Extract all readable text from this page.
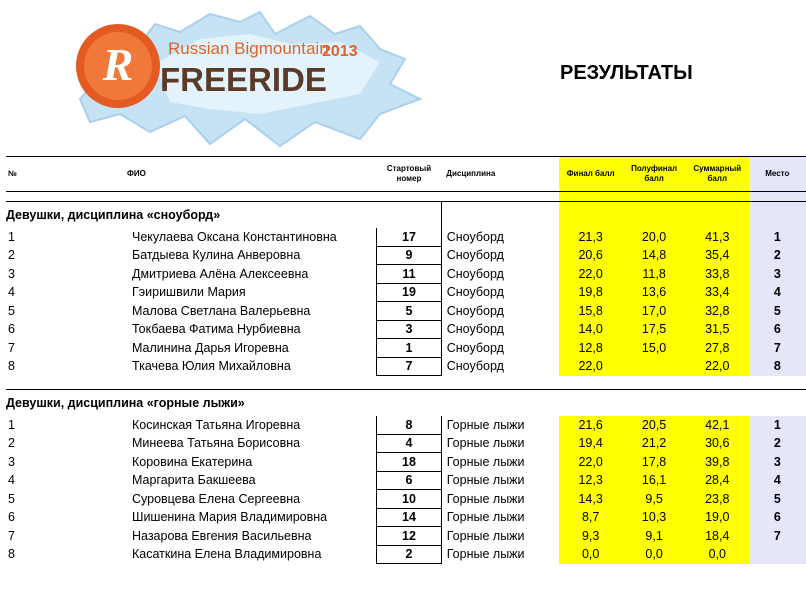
R Russian Bigmountain
2013
FREERIDE	РЕЗУЛЬТАТЫ
№	ФИО	Стартовый номер	Дисциплина	Финал балл	Полуфинал балл	Суммарный балл	Место

Девушки, дисциплина «сноуборд»							
1	Чекулаева Оксана Константиновна	17	Сноуборд	21,3	20,0	41,3	1
2	Батдыева Кулина Анверовна	9	Сноуборд	20,6	14,8	35,4	2
3	Дмитриева Алёна Алексеевна	11	Сноуборд	22,0	11,8	33,8	3
4	Гэиришвили Мария	19	Сноуборд	19,8	13,6	33,4	4
5	Малова Светлана Валерьевна	5	Сноуборд	15,8	17,0	32,8	5
6	Токбаева Фатима Нурбиевна	3	Сноуборд	14,0	17,5	31,5	6
7	Малинина Дарья Игоревна	1	Сноуборд	12,8	15,0	27,8	7
8	Ткачева Юлия Михайловна	7	Сноуборд	22,0		22,0	8

Девушки, дисциплина «горные лыжи»							
1	Косинская Татьяна Игоревна	8	Горные лыжи	21,6	20,5	42,1	1
2	Минеева Татьяна Борисовна	4	Горные лыжи	19,4	21,2	30,6	2
3	Коровина Екатерина	18	Горные лыжи	22,0	17,8	39,8	3
4	Маргарита Бакшеева	6	Горные лыжи	12,3	16,1	28,4	4
5	Суровцева Елена Сергеевна	10	Горные лыжи	14,3	9,5	23,8	5
6	Шишенина Мария Владимировна	14	Горные лыжи	8,7	10,3	19,0	6
7	Назарова Евгения Васильевна	12	Горные лыжи	9,3	9,1	18,4	7
8	Касаткина Елена Владимировна	2	Горные лыжи	0,0	0,0	0,0	
